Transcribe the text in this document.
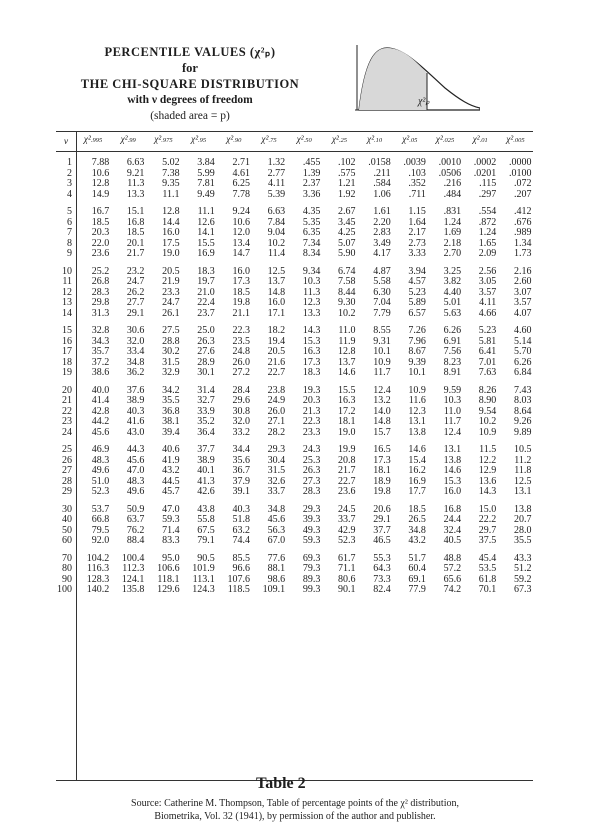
PERCENTILE VALUES (χ²ₚ)
for
THE CHI-SQUARE DISTRIBUTION
with ν degrees of freedom
(shaded area = p)
χ²ₚ
ν	χ².995	χ².99	χ².975	χ².95	χ².90	χ².75	χ².50	χ².25	χ².10	χ².05	χ².025	χ².01	χ².005
1	7.88	6.63	5.02	3.84	2.71	1.32	.455	.102	.0158	.0039	.0010	.0002	.0000
2	10.6	9.21	7.38	5.99	4.61	2.77	1.39	.575	.211	.103	.0506	.0201	.0100
3	12.8	11.3	9.35	7.81	6.25	4.11	2.37	1.21	.584	.352	.216	.115	.072
4	14.9	13.3	11.1	9.49	7.78	5.39	3.36	1.92	1.06	.711	.484	.297	.207

5	16.7	15.1	12.8	11.1	9.24	6.63	4.35	2.67	1.61	1.15	.831	.554	.412
6	18.5	16.8	14.4	12.6	10.6	7.84	5.35	3.45	2.20	1.64	1.24	.872	.676
7	20.3	18.5	16.0	14.1	12.0	9.04	6.35	4.25	2.83	2.17	1.69	1.24	.989
8	22.0	20.1	17.5	15.5	13.4	10.2	7.34	5.07	3.49	2.73	2.18	1.65	1.34
9	23.6	21.7	19.0	16.9	14.7	11.4	8.34	5.90	4.17	3.33	2.70	2.09	1.73

10	25.2	23.2	20.5	18.3	16.0	12.5	9.34	6.74	4.87	3.94	3.25	2.56	2.16
11	26.8	24.7	21.9	19.7	17.3	13.7	10.3	7.58	5.58	4.57	3.82	3.05	2.60
12	28.3	26.2	23.3	21.0	18.5	14.8	11.3	8.44	6.30	5.23	4.40	3.57	3.07
13	29.8	27.7	24.7	22.4	19.8	16.0	12.3	9.30	7.04	5.89	5.01	4.11	3.57
14	31.3	29.1	26.1	23.7	21.1	17.1	13.3	10.2	7.79	6.57	5.63	4.66	4.07

15	32.8	30.6	27.5	25.0	22.3	18.2	14.3	11.0	8.55	7.26	6.26	5.23	4.60
16	34.3	32.0	28.8	26.3	23.5	19.4	15.3	11.9	9.31	7.96	6.91	5.81	5.14
17	35.7	33.4	30.2	27.6	24.8	20.5	16.3	12.8	10.1	8.67	7.56	6.41	5.70
18	37.2	34.8	31.5	28.9	26.0	21.6	17.3	13.7	10.9	9.39	8.23	7.01	6.26
19	38.6	36.2	32.9	30.1	27.2	22.7	18.3	14.6	11.7	10.1	8.91	7.63	6.84

20	40.0	37.6	34.2	31.4	28.4	23.8	19.3	15.5	12.4	10.9	9.59	8.26	7.43
21	41.4	38.9	35.5	32.7	29.6	24.9	20.3	16.3	13.2	11.6	10.3	8.90	8.03
22	42.8	40.3	36.8	33.9	30.8	26.0	21.3	17.2	14.0	12.3	11.0	9.54	8.64
23	44.2	41.6	38.1	35.2	32.0	27.1	22.3	18.1	14.8	13.1	11.7	10.2	9.26
24	45.6	43.0	39.4	36.4	33.2	28.2	23.3	19.0	15.7	13.8	12.4	10.9	9.89

25	46.9	44.3	40.6	37.7	34.4	29.3	24.3	19.9	16.5	14.6	13.1	11.5	10.5
26	48.3	45.6	41.9	38.9	35.6	30.4	25.3	20.8	17.3	15.4	13.8	12.2	11.2
27	49.6	47.0	43.2	40.1	36.7	31.5	26.3	21.7	18.1	16.2	14.6	12.9	11.8
28	51.0	48.3	44.5	41.3	37.9	32.6	27.3	22.7	18.9	16.9	15.3	13.6	12.5
29	52.3	49.6	45.7	42.6	39.1	33.7	28.3	23.6	19.8	17.7	16.0	14.3	13.1

30	53.7	50.9	47.0	43.8	40.3	34.8	29.3	24.5	20.6	18.5	16.8	15.0	13.8
40	66.8	63.7	59.3	55.8	51.8	45.6	39.3	33.7	29.1	26.5	24.4	22.2	20.7
50	79.5	76.2	71.4	67.5	63.2	56.3	49.3	42.9	37.7	34.8	32.4	29.7	28.0
60	92.0	88.4	83.3	79.1	74.4	67.0	59.3	52.3	46.5	43.2	40.5	37.5	35.5

70	104.2	100.4	95.0	90.5	85.5	77.6	69.3	61.7	55.3	51.7	48.8	45.4	43.3
80	116.3	112.3	106.6	101.9	96.6	88.1	79.3	71.1	64.3	60.4	57.2	53.5	51.2
90	128.3	124.1	118.1	113.1	107.6	98.6	89.3	80.6	73.3	69.1	65.6	61.8	59.2
100	140.2	135.8	129.6	124.3	118.5	109.1	99.3	90.1	82.4	77.9	74.2	70.1	67.3
Source: Catherine M. Thompson, Table of percentage points of the χ² distribution,
Biometrika, Vol. 32 (1941), by permission of the author and publisher.
Table 2
